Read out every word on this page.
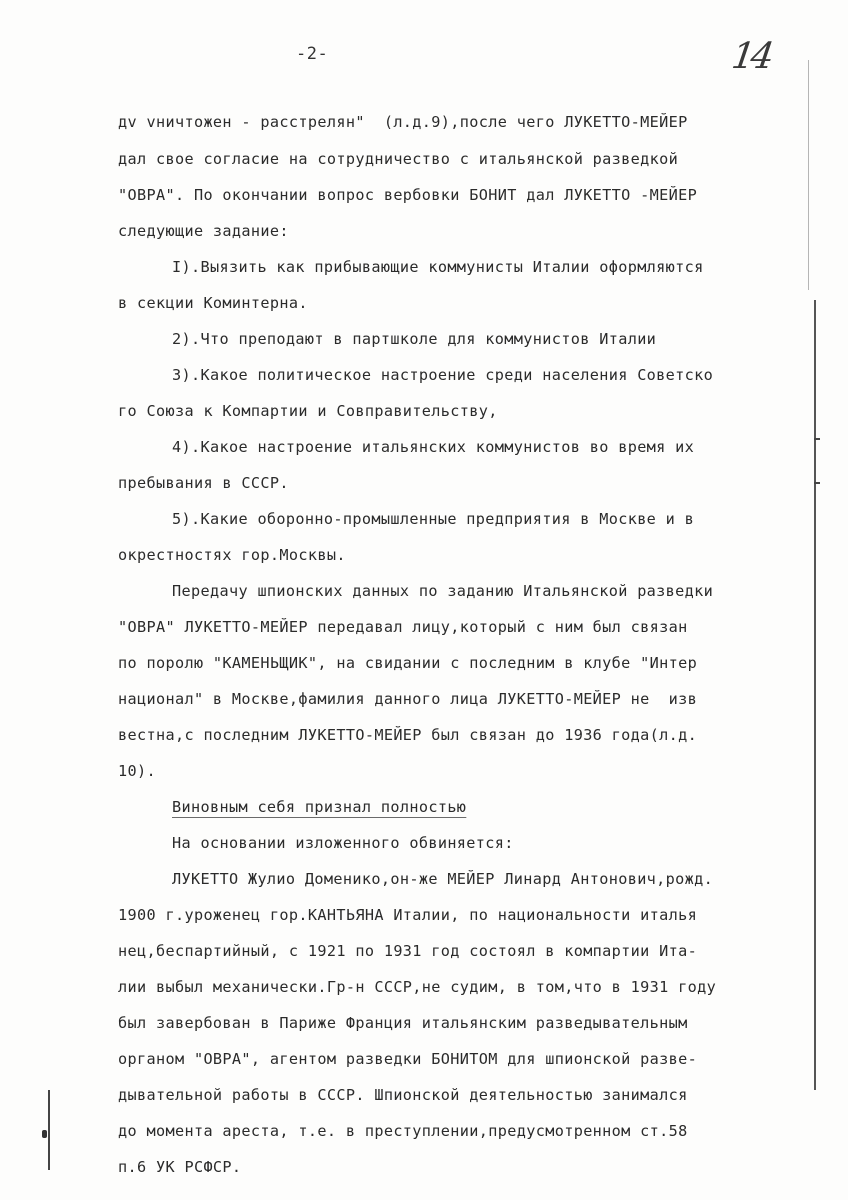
-2-	14
дv vничтожен - расстрелян"  (л.д.9),после чего ЛУКЕТТО-МЕЙЕР
дал свое согласие на сотрудничество с итальянской разведкой
"ОВРА". По окончании вопрос вербовки БОНИТ дал ЛУКЕТТО -МЕЙЕР
следующие задание:
I).Выязить как прибывающие коммунисты Италии оформляются
в секции Коминтерна.
2).Что преподают в партшколе для коммунистов Италии
3).Какое политическое настроение среди населения Советско
го Союза к Компартии и Совправительству,
4).Какое настроение итальянских коммунистов во время их
пребывания в СССР.
5).Какие оборонно-промышленные предприятия в Москве и в
окрестностях гор.Москвы.
Передачу шпионских данных по заданию Итальянской разведки
"ОВРА" ЛУКЕТТО-МЕЙЕР передавал лицу,который с ним был связан
по поролю "КАМЕНЬЩИК", на свидании с последним в клубе "Интер
национал" в Москве,фамилия данного лица ЛУКЕТТО-МЕЙЕР не  изв
вестна,с последним ЛУКЕТТО-МЕЙЕР был связан до 1936 года(л.д.
10).
Виновным себя признал полностью
На основании изложенного обвиняется:
ЛУКЕТТО Жулио Доменико,он-же МЕЙЕР Линард Антонович,рожд.
1900 г.уроженец гор.КАНТЬЯНА Италии, по национальности италья
нец,беспартийный, с 1921 по 1931 год состоял в компартии Ита-
лии выбыл механически.Гр-н СССР,не судим, в том,что в 1931 году
был завербован в Париже Франция итальянским разведывательным
органом "ОВРА", агентом разведки БОНИТОМ для шпионской разве-
дывательной работы в СССР. Шпионской деятельностью занимался
до момента ареста, т.е. в преступлении,предусмотренном ст.58
п.6 УК РСФСР.
